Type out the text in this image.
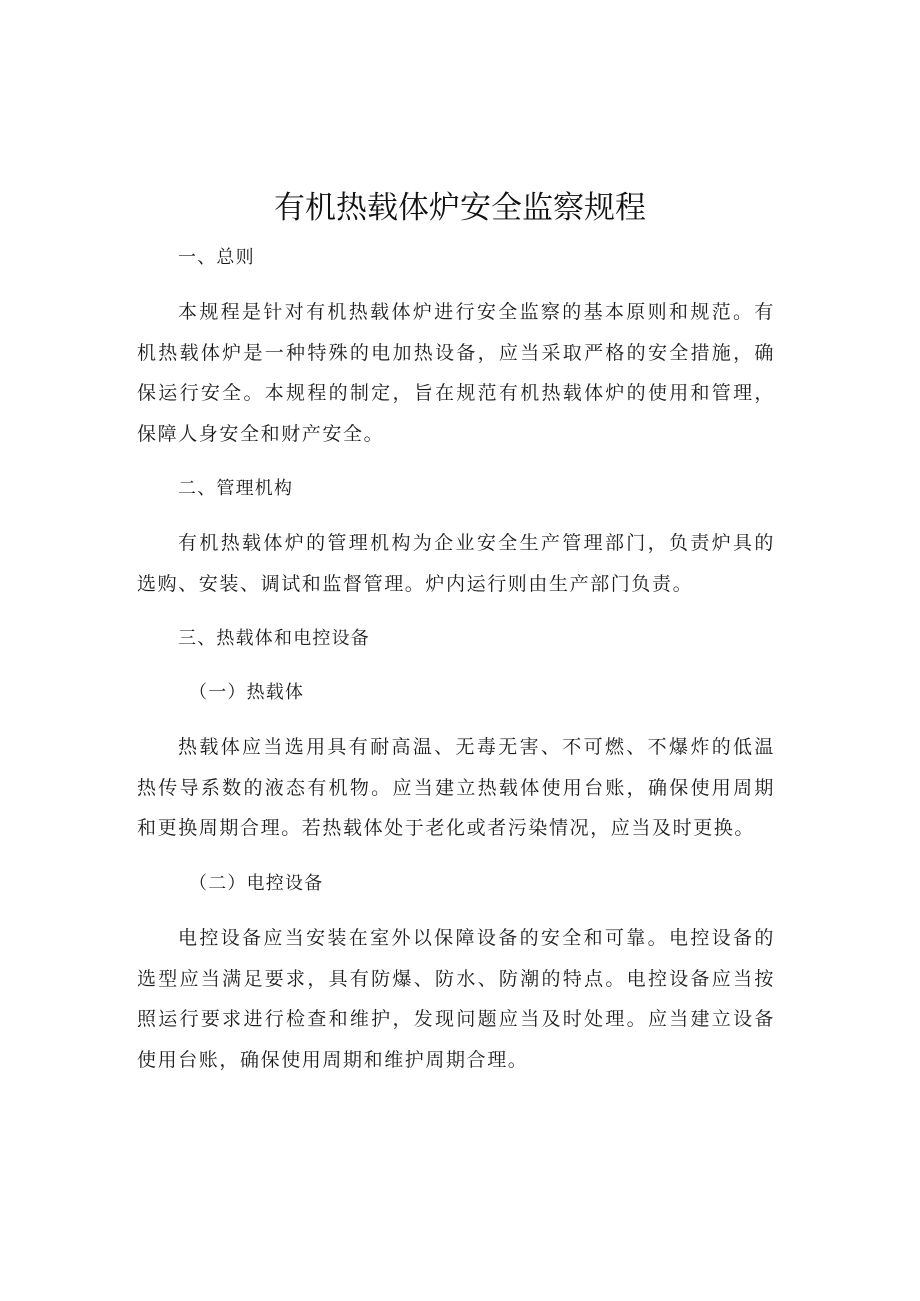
有机热载体炉安全监察规程

一、总则

本规程是针对有机热载体炉进行安全监察的基本原则和规范。有机热载体炉是一种特殊的电加热设备，应当采取严格的安全措施，确保运行安全。本规程的制定，旨在规范有机热载体炉的使用和管理，保障人身安全和财产安全。

二、管理机构

有机热载体炉的管理机构为企业安全生产管理部门，负责炉具的选购、安装、调试和监督管理。炉内运行则由生产部门负责。

三、热载体和电控设备

（一）热载体

热载体应当选用具有耐高温、无毒无害、不可燃、不爆炸的低温热传导系数的液态有机物。应当建立热载体使用台账，确保使用周期和更换周期合理。若热载体处于老化或者污染情况，应当及时更换。

（二）电控设备

电控设备应当安装在室外以保障设备的安全和可靠。电控设备的选型应当满足要求，具有防爆、防水、防潮的特点。电控设备应当按照运行要求进行检查和维护，发现问题应当及时处理。应当建立设备使用台账，确保使用周期和维护周期合理。
